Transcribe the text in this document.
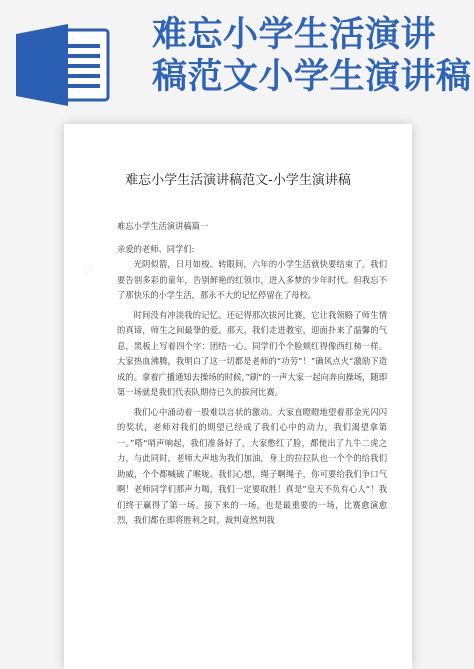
难忘小学生活演讲
稿范文小学生演讲稿
▢
难忘小学生活演讲稿范文-小学生演讲稿

难忘小学生活演讲稿篇一

亲爱的老师、同学们:

光阴似箭，日月如梭。转眼间，六年的小学生活就快要结束了。我们要告别多彩的童年，告别鲜艳的红领巾，进入多梦的少年时代。但我忘不了那快乐的小学生活，那永不大的记忆停留在了母校。

时间没有冲淡我的记忆。还记得那次拔河比赛，它让我领略了师生情的真谛，师生之间最挚的爱。那天，我们走进教室，迎面扑来了温馨的气息，黑板上写着四个字：团结一心。同学们个个脸颊红得像西红柿一样。大家热血沸腾，我明白了这一切都是老师的“功劳”！”确风点火“激励下造成的。拿着广播通知去操场的时候，”刷“的一声大家一起向奔向操场，随即第一场就是我们代表队期待已久的拔河比赛。

我们心中涌动着一股难以言状的激动。大家直瞪瞪地望着那金光闪闪的奖状，老师对我们的期望已经成了我们心中的动力，我们渴望拿第一。”嗒“哨声响起，我们准备好了，大家憋红了脸，都使出了九牛二虎之力，与此同时，老师大声地为我们加油，身上的拉拉队也一个个的给我们助威，个个都喊破了喉咙。我们心想，绳子啊绳子，你可要给我们争口气啊！老师同学们那声力喝，我们一定要取胜！真是”皇天不负有心人“！我们终于赢得了第一场。接下来的一场，也是最重要的一场，比赛愈演愈烈，我们都在即将胜利之时，裁判竟然判我
